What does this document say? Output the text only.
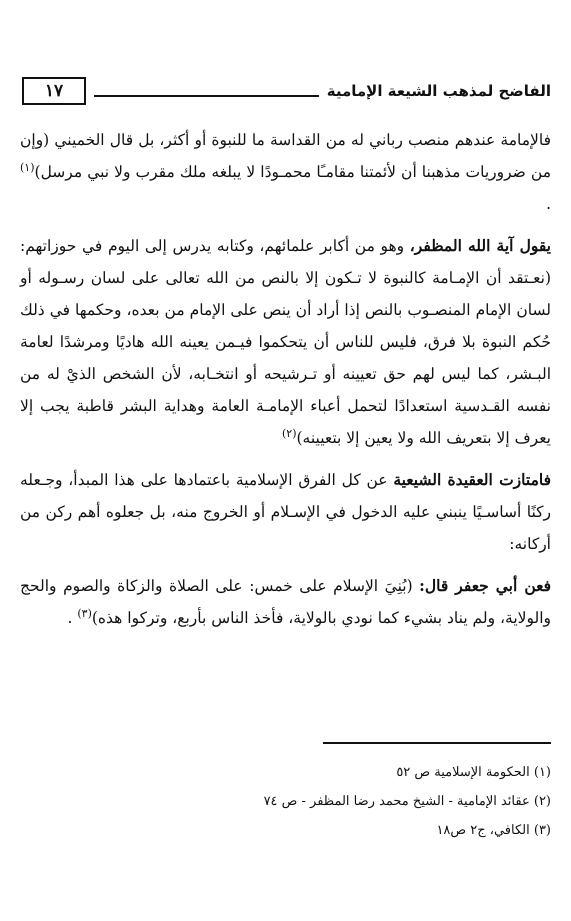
الفاضح لمذهب الشيعة الإمامية
١٧

فالإمامة عندهم منصب رباني له من القداسة ما للنبوة أو أكثر، بل قال الخميني (وإن من ضروريات مذهبنا أن لأئمتنا مقامـًا محمـودًا لا يبلغه ملك مقرب ولا نبي مرسل)$^{(١)}$ .

يقول آية الله المظفر، وهو من أكابر علمائهم، وكتابه يدرس إلى اليوم في حوزاتهم: (نعـتقد أن الإمـامة كالنبوة لا تـكون إلا بالنص من الله تعالى على لسان رسـوله أو لسان الإمام المنصـوب بالنص إذا أراد أن ينص على الإمام من بعده، وحكمها في ذلك حُكم النبوة بلا فرق، فليس للناس أن يتحكموا فيـمن يعينه الله هاديًا ومرشدًا لعامة البـشر، كما ليس لهم حق تعيينه أو تـرشيحه أو انتخـابه، لأن الشخص الذيْ له من نفسه القـدسية استعدادًا لتحمل أعباء الإمامـة العامة وهداية البشر قاطبة يجب إلا يعرف إلا بتعريف الله ولا يعين إلا بتعيينه)$^{(٢)}$

فامتازت العقيدة الشيعية عن كل الفرق الإسلامية باعتمادها على هذا المبدأ، وجـعله ركنًا أساسـيًا ينبني عليه الدخول في الإسـلام أو الخروج منه، بل جعلوه أهم ركن من أركانه:

فعن أبي جعفر قال: (بُنِيَ الإسلام على خمس: على الصلاة والزكاة والصوم والحج والولاية، ولم يناد بشيء كما نودي بالولاية، فأخذ الناس بأربع، وتركوا هذه)$^{(٣)}$ .

(١) الحكومة الإسلامية ص ٥٢

(٢) عقائد الإمامية - الشيخ محمد رضا المظفر - ص ٧٤

(٣) الكافي، ج٢ ص١٨
